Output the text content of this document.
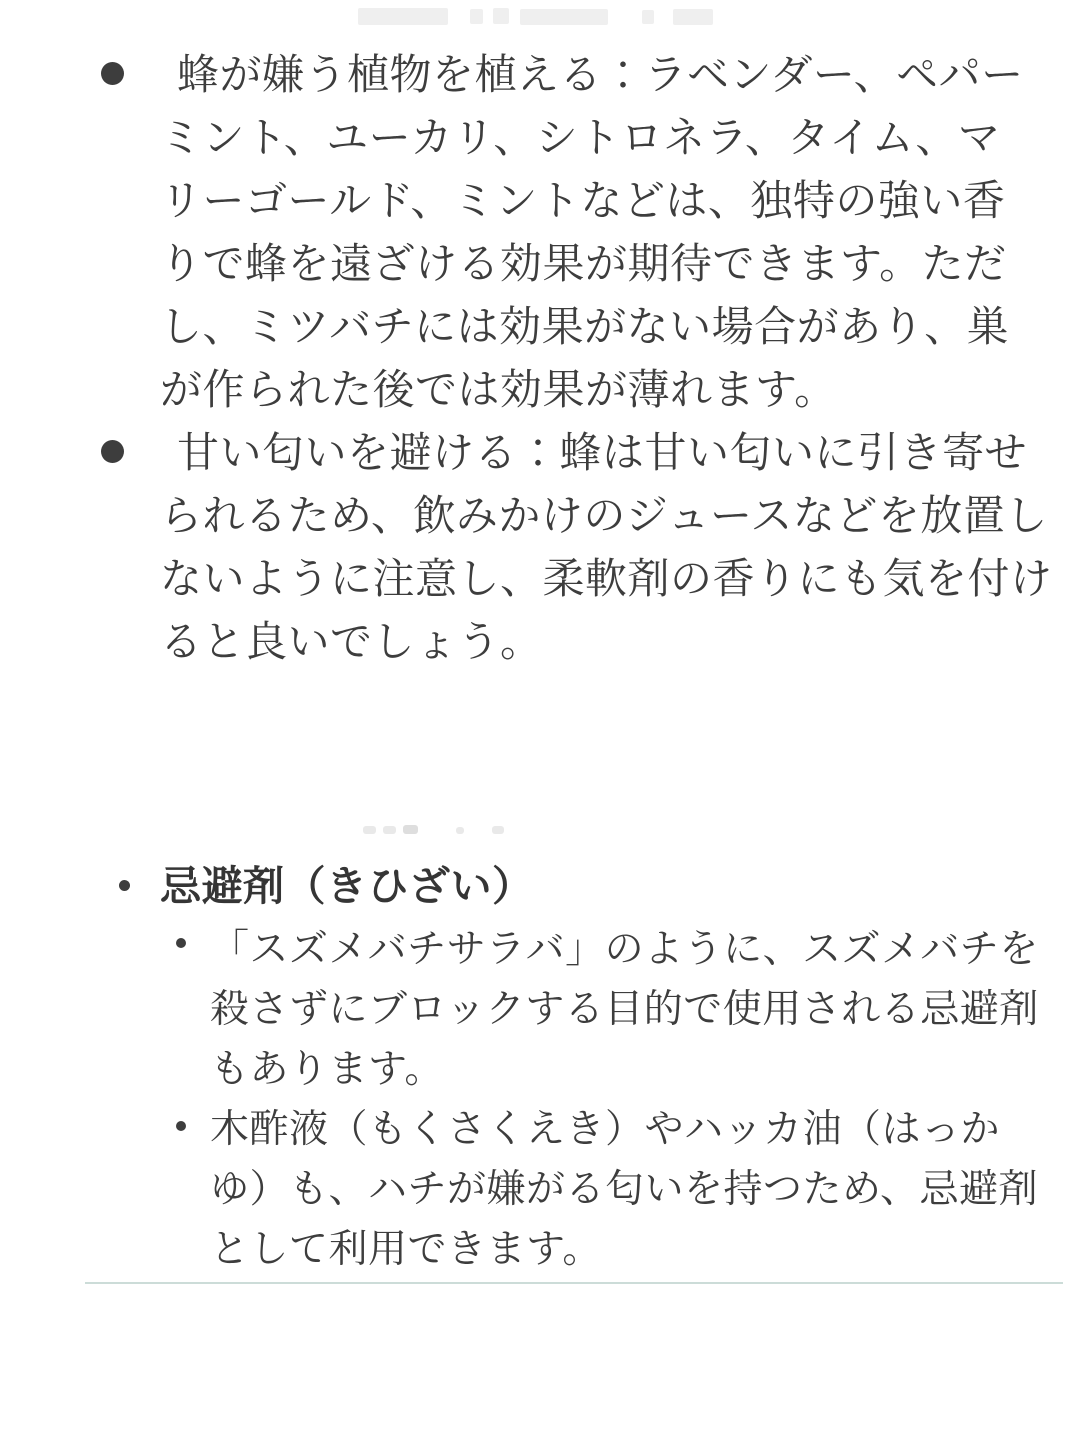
蜂が嫌う植物を植える：ラベンダー、ペパー
ミント、ユーカリ、シトロネラ、タイム、マ
リーゴールド、ミントなどは、独特の強い香
りで蜂を遠ざける効果が期待できます。ただ
し、ミツバチには効果がない場合があり、巣
が作られた後では効果が薄れます。
甘い匂いを避ける：蜂は甘い匂いに引き寄せ
られるため、飲みかけのジュースなどを放置し
ないように注意し、柔軟剤の香りにも気を付け
ると良いでしょう。
忌避剤（きひざい）
「スズメバチサラバ」のように、スズメバチを
殺さずにブロックする目的で使用される忌避剤
もあります。
木酢液（もくさくえき）やハッカ油（はっか
ゆ）も、ハチが嫌がる匂いを持つため、忌避剤
として利用できます。
